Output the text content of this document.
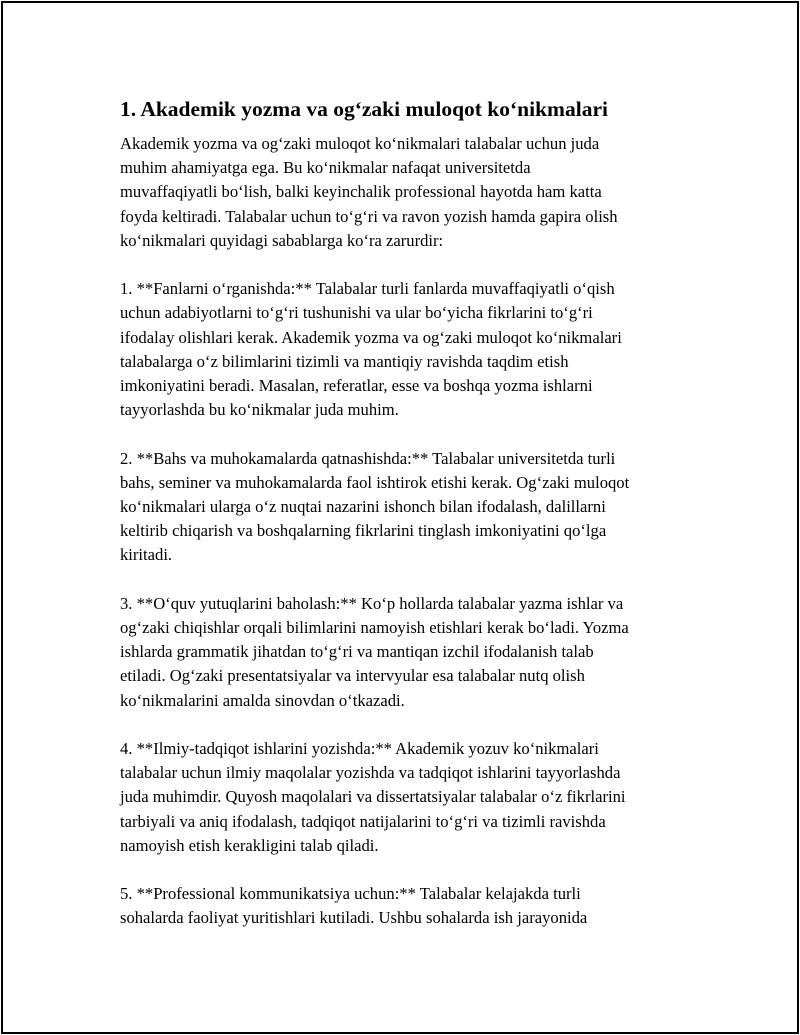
1. Akademik yozma va og‘zaki muloqot ko‘nikmalari

Akademik yozma va og‘zaki muloqot ko‘nikmalari talabalar uchun juda
muhim ahamiyatga ega. Bu ko‘nikmalar nafaqat universitetda
muvaffaqiyatli bo‘lish, balki keyinchalik professional hayotda ham katta
foyda keltiradi. Talabalar uchun to‘g‘ri va ravon yozish hamda gapira olish
ko‘nikmalari quyidagi sabablarga ko‘ra zarurdir:

1. **Fanlarni o‘rganishda:** Talabalar turli fanlarda muvaffaqiyatli o‘qish
uchun adabiyotlarni to‘g‘ri tushunishi va ular bo‘yicha fikrlarini to‘g‘ri
ifodalay olishlari kerak. Akademik yozma va og‘zaki muloqot ko‘nikmalari
talabalarga o‘z bilimlarini tizimli va mantiqiy ravishda taqdim etish
imkoniyatini beradi. Masalan, referatlar, esse va boshqa yozma ishlarni
tayyorlashda bu ko‘nikmalar juda muhim.

2. **Bahs va muhokamalarda qatnashishda:** Talabalar universitetda turli
bahs, seminer va muhokamalarda faol ishtirok etishi kerak. Og‘zaki muloqot
ko‘nikmalari ularga o‘z nuqtai nazarini ishonch bilan ifodalash, dalillarni
keltirib chiqarish va boshqalarning fikrlarini tinglash imkoniyatini qo‘lga
kiritadi.

3. **O‘quv yutuqlarini baholash:** Ko‘p hollarda talabalar yazma ishlar va
og‘zaki chiqishlar orqali bilimlarini namoyish etishlari kerak bo‘ladi. Yozma
ishlarda grammatik jihatdan to‘g‘ri va mantiqan izchil ifodalanish talab
etiladi. Og‘zaki presentatsiyalar va intervyular esa talabalar nutq olish
ko‘nikmalarini amalda sinovdan o‘tkazadi.

4. **Ilmiy-tadqiqot ishlarini yozishda:** Akademik yozuv ko‘nikmalari
talabalar uchun ilmiy maqolalar yozishda va tadqiqot ishlarini tayyorlashda
juda muhimdir. Quyosh maqolalari va dissertatsiyalar talabalar o‘z fikrlarini
tarbiyali va aniq ifodalash, tadqiqot natijalarini to‘g‘ri va tizimli ravishda
namoyish etish kerakligini talab qiladi.

5. **Professional kommunikatsiya uchun:** Talabalar kelajakda turli
sohalarda faoliyat yuritishlari kutiladi. Ushbu sohalarda ish jarayonida
